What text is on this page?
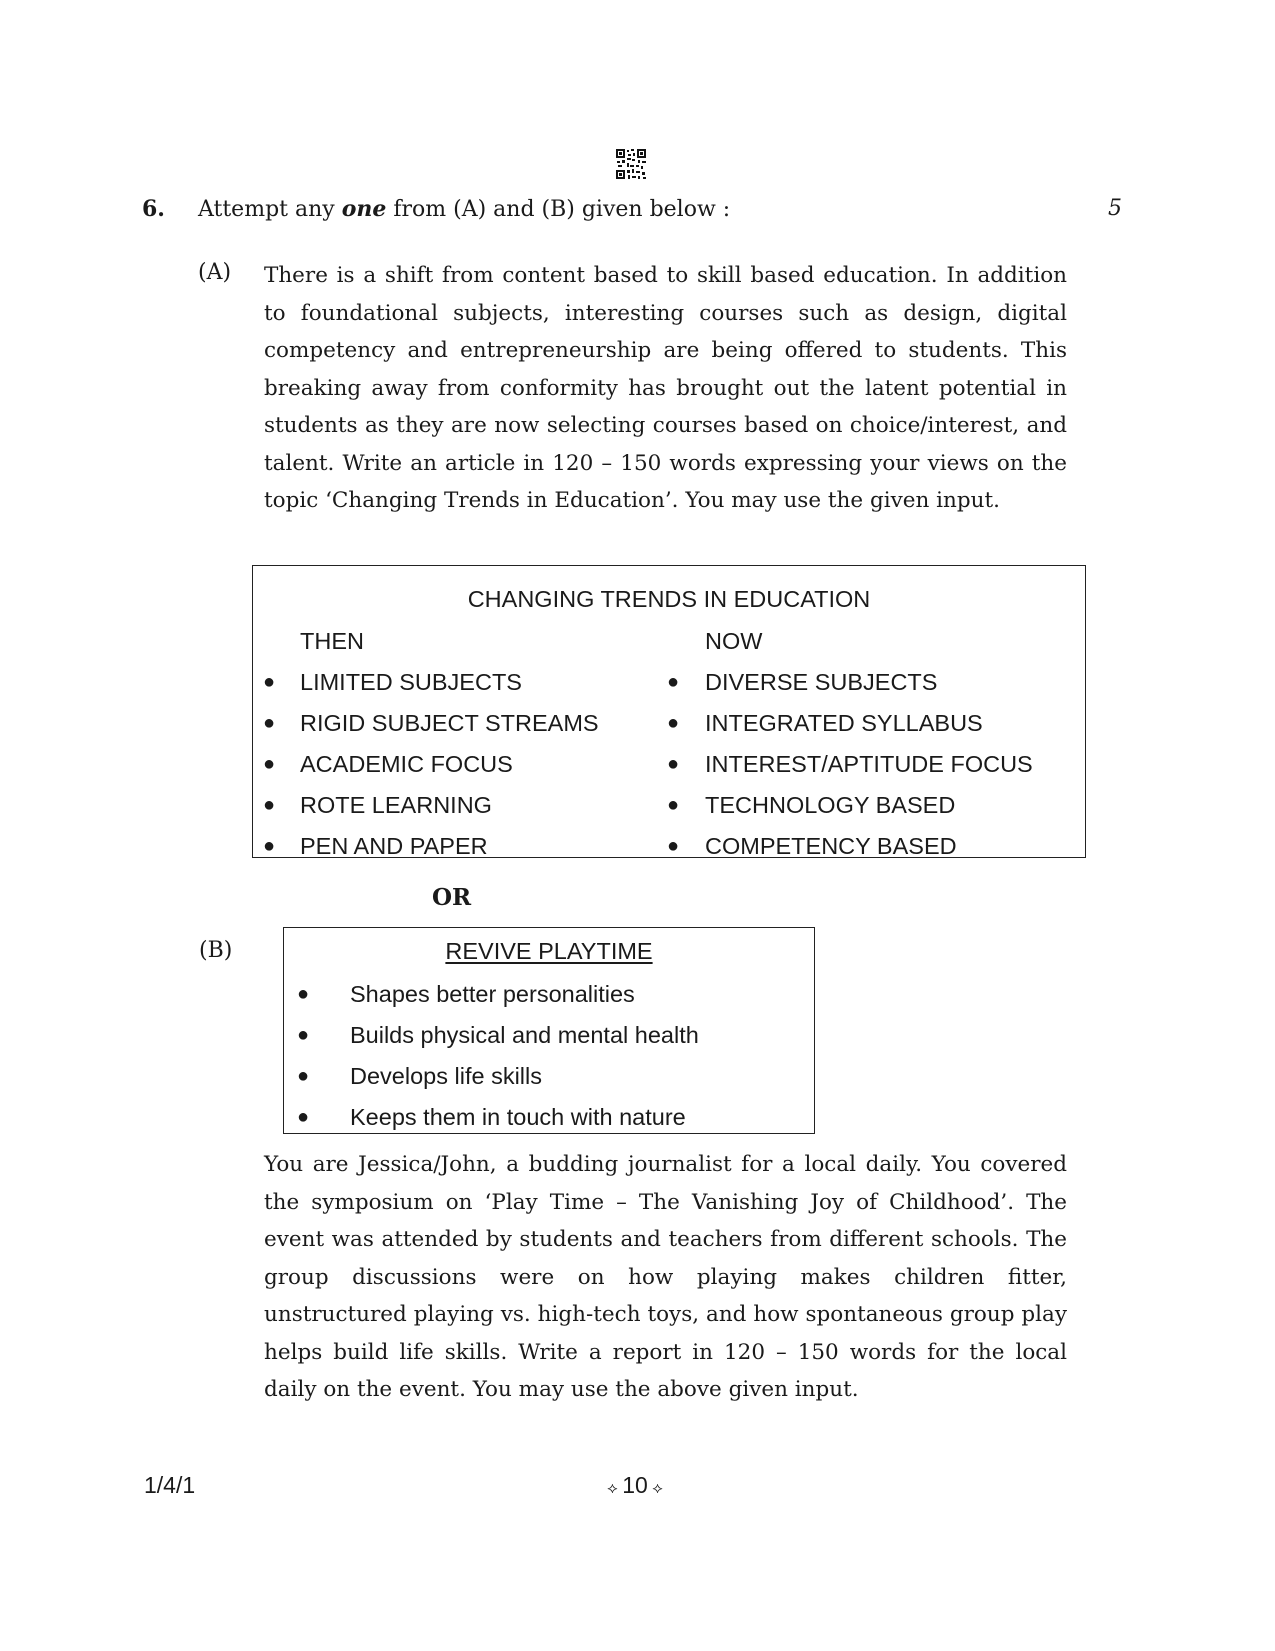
6. Attempt any one from (A) and (B) given below :	5
(A) There is a shift from content based to skill based education. In addition to foundational subjects, interesting courses such as design, digital competency and entrepreneurship are being offered to students. This breaking away from conformity has brought out the latent potential in students as they are now selecting courses based on choice/interest, and talent. Write an article in 120 – 150 words expressing your views on the topic ‘Changing Trends in Education’. You may use the given input.

CHANGING TRENDS IN EDUCATION
THEN	NOW
● LIMITED SUBJECTS	● DIVERSE SUBJECTS
● RIGID SUBJECT STREAMS	● INTEGRATED SYLLABUS
● ACADEMIC FOCUS	● INTEREST/APTITUDE FOCUS
● ROTE LEARNING	● TECHNOLOGY BASED
● PEN AND PAPER	● COMPETENCY BASED
OR
(B)	REVIVE PLAYTIME
● Shapes better personalities
● Builds physical and mental health
● Develops life skills
● Keeps them in touch with nature

You are Jessica/John, a budding journalist for a local daily. You covered the symposium on ‘Play Time – The Vanishing Joy of Childhood’. The event was attended by students and teachers from different schools. The group discussions were on how playing makes children fitter, unstructured playing vs. high-tech toys, and how spontaneous group play helps build life skills. Write a report in 120 – 150 words for the local daily on the event. You may use the above given input.

1/4/1	⟡ 10 ⟡
